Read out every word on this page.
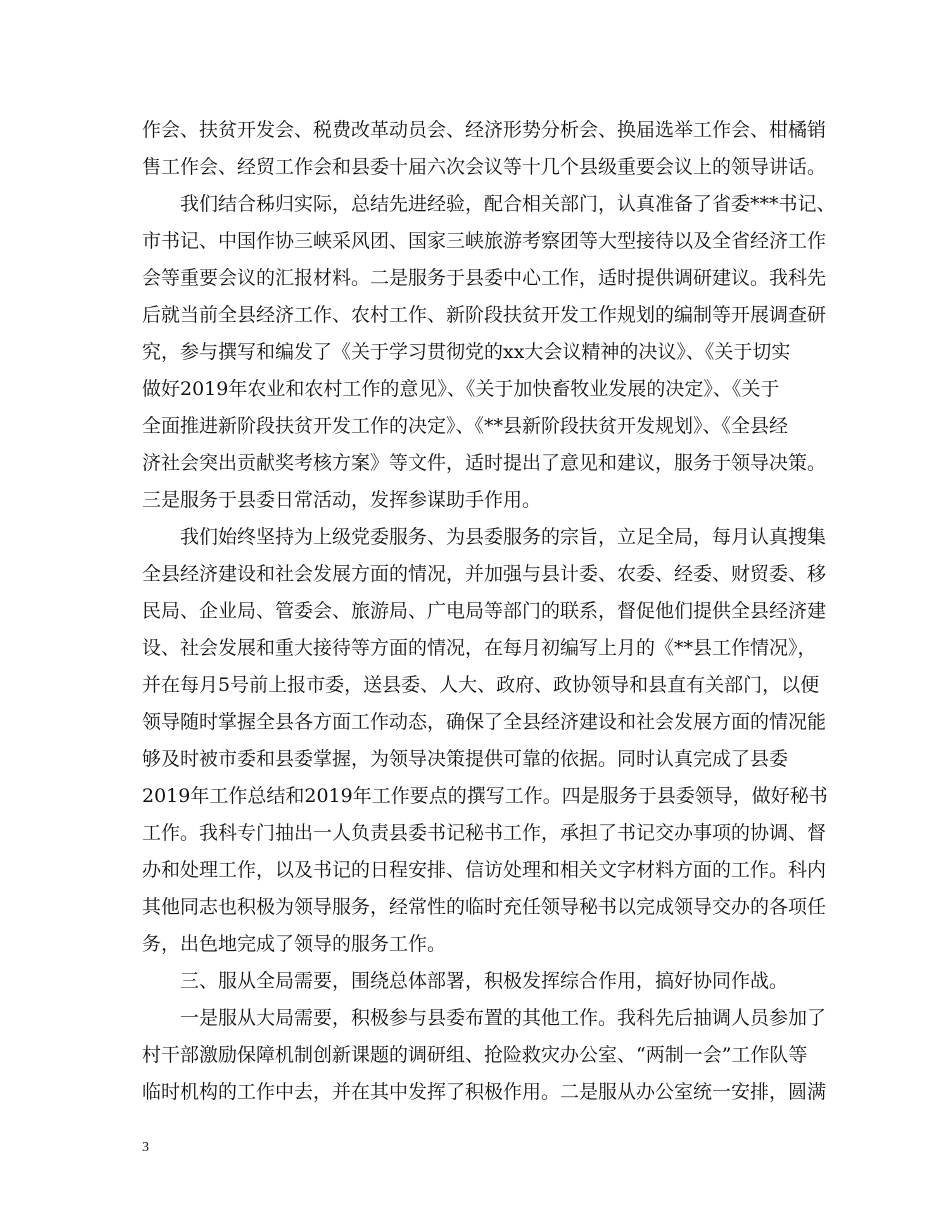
作会、扶贫开发会、税费改革动员会、经济形势分析会、换届选举工作会、柑橘销
售工作会、经贸工作会和县委十届六次会议等十几个县级重要会议上的领导讲话。
我们结合秭归实际，总结先进经验，配合相关部门，认真准备了省委***书记、
市书记、中国作协三峡采风团、国家三峡旅游考察团等大型接待以及全省经济工作
会等重要会议的汇报材料。二是服务于县委中心工作，适时提供调研建议。我科先
后就当前全县经济工作、农村工作、新阶段扶贫开发工作规划的编制等开展调查研
究，参与撰写和编发了《关于学习贯彻党的xx大会议精神的决议》、《关于切实
做好2019年农业和农村工作的意见》、《关于加快畜牧业发展的决定》、《关于
全面推进新阶段扶贫开发工作的决定》、《**县新阶段扶贫开发规划》、《全县经
济社会突出贡献奖考核方案》等文件，适时提出了意见和建议，服务于领导决策。
三是服务于县委日常活动，发挥参谋助手作用。
我们始终坚持为上级党委服务、为县委服务的宗旨，立足全局，每月认真搜集
全县经济建设和社会发展方面的情况，并加强与县计委、农委、经委、财贸委、移
民局、企业局、管委会、旅游局、广电局等部门的联系，督促他们提供全县经济建
设、社会发展和重大接待等方面的情况，在每月初编写上月的《**县工作情况》，
并在每月5号前上报市委，送县委、人大、政府、政协领导和县直有关部门，以便
领导随时掌握全县各方面工作动态，确保了全县经济建设和社会发展方面的情况能
够及时被市委和县委掌握，为领导决策提供可靠的依据。同时认真完成了县委
2019年工作总结和2019年工作要点的撰写工作。四是服务于县委领导，做好秘书
工作。我科专门抽出一人负责县委书记秘书工作，承担了书记交办事项的协调、督
办和处理工作，以及书记的日程安排、信访处理和相关文字材料方面的工作。科内
其他同志也积极为领导服务，经常性的临时充任领导秘书以完成领导交办的各项任
务，出色地完成了领导的服务工作。
三、服从全局需要，围绕总体部署，积极发挥综合作用，搞好协同作战。
一是服从大局需要，积极参与县委布置的其他工作。我科先后抽调人员参加了
村干部激励保障机制创新课题的调研组、抢险救灾办公室、“两制一会”工作队等
临时机构的工作中去，并在其中发挥了积极作用。二是服从办公室统一安排，圆满
3
